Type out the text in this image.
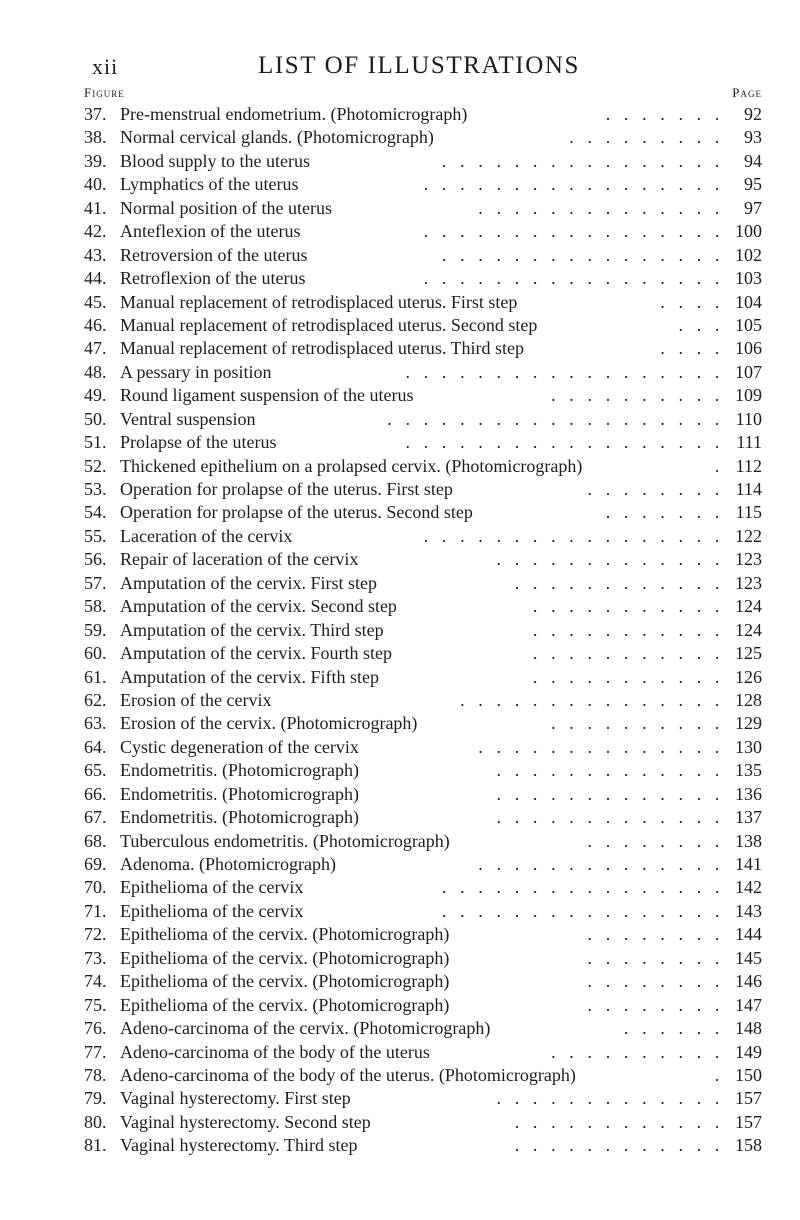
xii	LIST OF ILLUSTRATIONS
Figure	Page
37. Pre-menstrual endometrium. (Photomicrograph)	. . . . . . .	92
38. Normal cervical glands. (Photomicrograph)	. . . . . . . . .	93
39. Blood supply to the uterus	. . . . . . . . . . . . . . . .	94
40. Lymphatics of the uterus	. . . . . . . . . . . . . . . . .	95
41. Normal position of the uterus	. . . . . . . . . . . . . .	97
42. Anteflexion of the uterus	. . . . . . . . . . . . . . . . . 100
43. Retroversion of the uterus	. . . . . . . . . . . . . . . . 102
44. Retroflexion of the uterus	. . . . . . . . . . . . . . . . . 103
45. Manual replacement of retrodisplaced uterus. First step	. . . . 104
46. Manual replacement of retrodisplaced uterus. Second step	. . . 105
47. Manual replacement of retrodisplaced uterus. Third step	. . . . 106
48. A pessary in position	. . . . . . . . . . . . . . . . . . 107
49. Round ligament suspension of the uterus	. . . . . . . . . . 109
50. Ventral suspension	. . . . . . . . . . . . . . . . . . . 110
51. Prolapse of the uterus	. . . . . . . . . . . . . . . . . . 111
52. Thickened epithelium on a prolapsed cervix. (Photomicrograph)	. 112
53. Operation for prolapse of the uterus. First step	. . . . . . . . 114
54. Operation for prolapse of the uterus. Second step	. . . . . . . 115
55. Laceration of the cervix	. . . . . . . . . . . . . . . . . 122
56. Repair of laceration of the cervix	. . . . . . . . . . . . . 123
57. Amputation of the cervix. First step	. . . . . . . . . . . . 123
58. Amputation of the cervix. Second step	. . . . . . . . . . . 124
59. Amputation of the cervix. Third step	. . . . . . . . . . . 124
60. Amputation of the cervix. Fourth step	. . . . . . . . . . . 125
61. Amputation of the cervix. Fifth step	. . . . . . . . . . . 126
62. Erosion of the cervix	. . . . . . . . . . . . . . . 128
63. Erosion of the cervix. (Photomicrograph)	. . . . . . . . . . 129
64. Cystic degeneration of the cervix	. . . . . . . . . . . . . . 130
65. Endometritis. (Photomicrograph)	. . . . . . . . . . . . . 135
66. Endometritis. (Photomicrograph)	. . . . . . . . . . . . . 136
67. Endometritis. (Photomicrograph)	. . . . . . . . . . . . . 137
68. Tuberculous endometritis. (Photomicrograph)	. . . . . . . . 138
69. Adenoma. (Photomicrograph)	. . . . . . . . . . . . . . 141
70. Epithelioma of the cervix	. . . . . . . . . . . . . . . . 142
71. Epithelioma of the cervix	. . . . . . . . . . . . . . . . 143
72. Epithelioma of the cervix. (Photomicrograph)	. . . . . . . . 144
73. Epithelioma of the cervix. (Photomicrograph)	. . . . . . . . 145
74. Epithelioma of the cervix. (Photomicrograph)	. . . . . . . . 146
75. Epithelioma of the cervix. (Photomicrograph)	. . . . . . . . 147
76. Adeno-carcinoma of the cervix. (Photomicrograph)	. . . . . . 148
77. Adeno-carcinoma of the body of the uterus	. . . . . . . . . . 149
78. Adeno-carcinoma of the body of the uterus. (Photomicrograph)	. 150
79. Vaginal hysterectomy. First step	. . . . . . . . . . . . . 157
80. Vaginal hysterectomy. Second step	. . . . . . . . . . . . 157
81. Vaginal hysterectomy. Third step	. . . . . . . . . . . . 158
